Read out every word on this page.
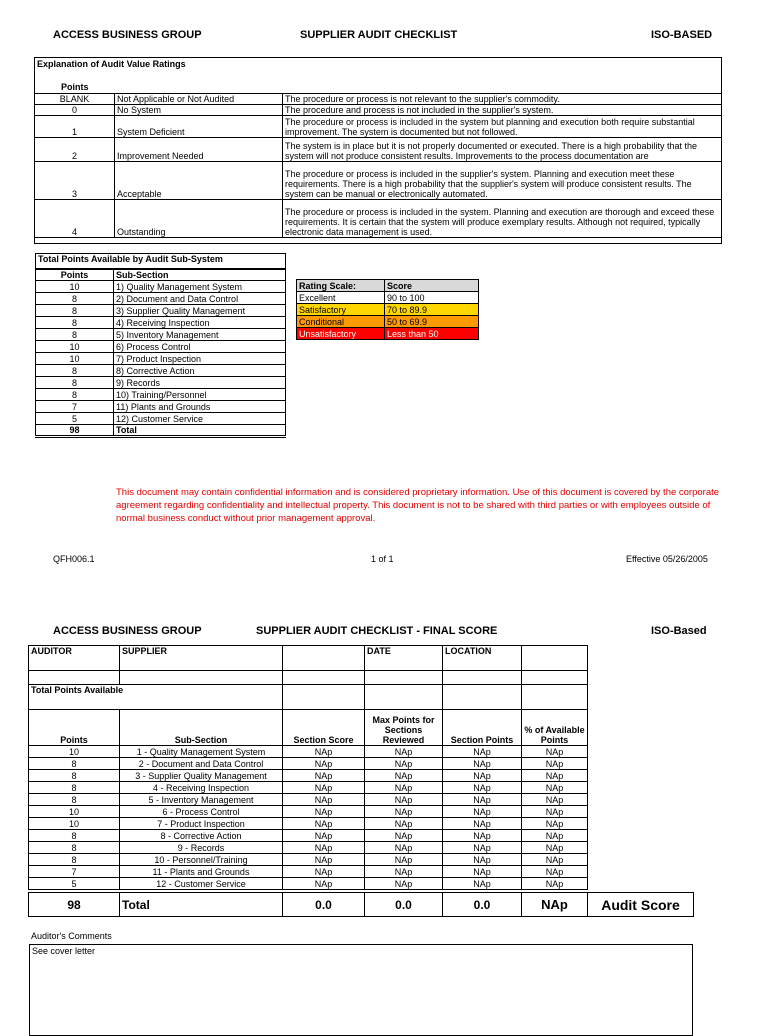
ACCESS BUSINESS GROUP	SUPPLIER AUDIT CHECKLIST	ISO-BASED
Explanation of Audit Value Ratings
Points
BLANK	Not Applicable or Not Audited	The procedure or process is not relevant to the supplier's commodity.
0	No System	The procedure and process is not included in the supplier's system.
1	System Deficient	The procedure or process is included in the system but planning and execution both require substantial improvement. The system is documented but not followed.
2	Improvement Needed	The system is in place but it is not properly documented or executed. There is a high probability that the system will not produce consistent results. Improvements to the process documentation are
3	Acceptable	The procedure or process is included in the supplier's system. Planning and execution meet these requirements. There is a high probability that the supplier's system will produce consistent results. The system can be manual or electronically automated.
4	Outstanding	The procedure or process is included in the system. Planning and execution are thorough and exceed these requirements. It is certain that the system will produce exemplary results. Although not required, typically electronic data management is used.
Total Points Available by Audit Sub-System	
Points	Sub-Section
10	1) Quality Management System
8	2) Document and Data Control
8	3) Supplier Quality Management
8	4) Receiving Inspection
8	5) Inventory Management
10	6) Process Control
10	7) Product Inspection
8	8) Corrective Action
8	9) Records
8	10) Training/Personnel
7	11) Plants and Grounds
5	12) Customer Service
98	Total
Rating Scale:	Score
Excellent	90 to 100
Satisfactory	70 to 89.9
Conditional	50 to 69.9
Unsatisfactory	Less than 50
This document may contain confidential information and is considered proprietary information. Use of this document is covered by the corporate agreement regarding confidentiality and intellectual property. This document is not to be shared with third parties or with employees outside of normal business conduct without prior management approval.
QFH006.1	1 of 1	Effective 05/26/2005
ACCESS BUSINESS GROUP	SUPPLIER AUDIT CHECKLIST - FINAL SCORE	ISO-Based
AUDITOR	SUPPLIER		DATE	LOCATION	

Total Points Available					
Points	Sub-Section	Section Score	Max Points for Sections Reviewed	Section Points	% of Available Points
10	1 - Quality Management System	NAp	NAp	NAp	NAp
8	2 - Document and Data Control	NAp	NAp	NAp	NAp
8	3 - Supplier Quality Management	NAp	NAp	NAp	NAp
8	4 - Receiving Inspection	NAp	NAp	NAp	NAp
8	5 - Inventory Management	NAp	NAp	NAp	NAp
10	6 - Process Control	NAp	NAp	NAp	NAp
10	7 - Product Inspection	NAp	NAp	NAp	NAp
8	8 - Corrective Action	NAp	NAp	NAp	NAp
8	9 - Records	NAp	NAp	NAp	NAp
8	10 - Personnel/Training	NAp	NAp	NAp	NAp
7	11 - Plants and Grounds	NAp	NAp	NAp	NAp
5	12 - Customer Service	NAp	NAp	NAp	NAp
98	Total	0.0	0.0	0.0	NAp	Audit Score
Auditor's Comments
See cover letter
